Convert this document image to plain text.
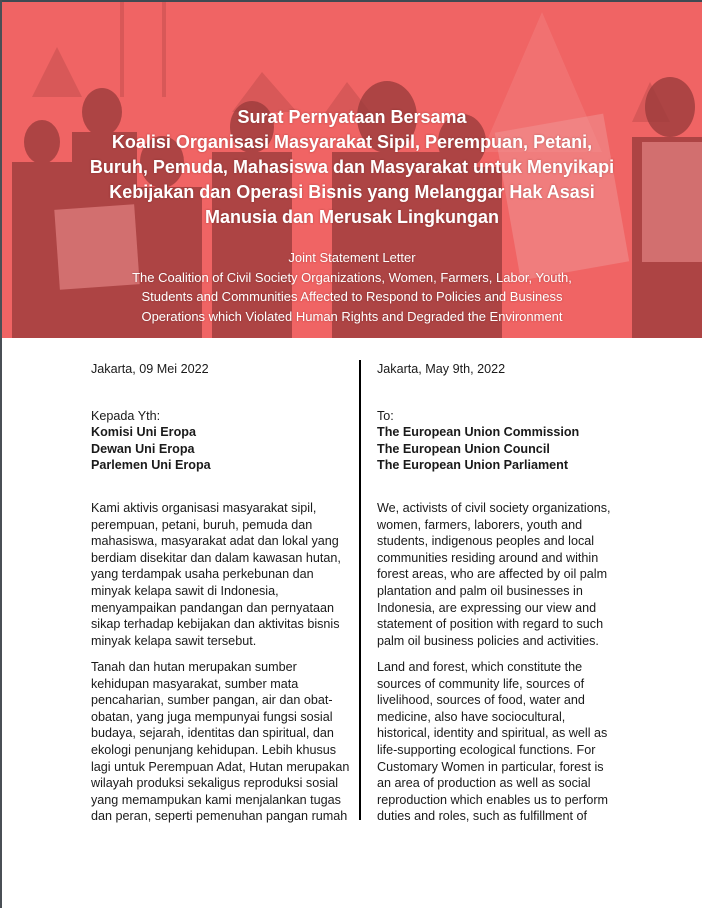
Surat Pernyataan Bersama
Koalisi Organisasi Masyarakat Sipil, Perempuan, Petani,
Buruh, Pemuda, Mahasiswa dan Masyarakat untuk Menyikapi
Kebijakan dan Operasi Bisnis yang Melanggar Hak Asasi
Manusia dan Merusak Lingkungan
Joint Statement Letter
The Coalition of Civil Society Organizations, Women, Farmers, Labor, Youth,
Students and Communities Affected to Respond to Policies and Business
Operations which Violated Human Rights and Degraded the Environment
Jakarta, 09 Mei 2022
Kepada Yth:
Komisi Uni Eropa
Dewan Uni Eropa
Parlemen Uni Eropa
Kami aktivis organisasi masyarakat sipil,
perempuan, petani, buruh, pemuda dan
mahasiswa, masyarakat adat dan lokal yang
berdiam disekitar dan dalam kawasan hutan,
yang terdampak usaha perkebunan dan
minyak kelapa sawit di Indonesia,
menyampaikan pandangan dan pernyataan
sikap terhadap kebijakan dan aktivitas bisnis
minyak kelapa sawit tersebut.
Tanah dan hutan merupakan sumber
kehidupan masyarakat, sumber mata
pencaharian, sumber pangan, air dan obat-
obatan, yang juga mempunyai fungsi sosial
budaya, sejarah, identitas dan spiritual, dan
ekologi penunjang kehidupan. Lebih khusus
lagi untuk Perempuan Adat, Hutan merupakan
wilayah produksi sekaligus reproduksi sosial
yang memampukan kami menjalankan tugas
dan peran, seperti pemenuhan pangan rumah
Jakarta, May 9th, 2022
To:
The European Union Commission
The European Union Council
The European Union Parliament
We, activists of civil society organizations,
women, farmers, laborers, youth and
students, indigenous peoples and local
communities residing around and within
forest areas, who are affected by oil palm
plantation and palm oil businesses in
Indonesia, are expressing our view and
statement of position with regard to such
palm oil business policies and activities.
Land and forest, which constitute the
sources of community life, sources of
livelihood, sources of food, water and
medicine, also have sociocultural,
historical, identity and spiritual, as well as
life-supporting ecological functions. For
Customary Women in particular, forest is
an area of production as well as social
reproduction which enables us to perform
duties and roles, such as fulfillment of
